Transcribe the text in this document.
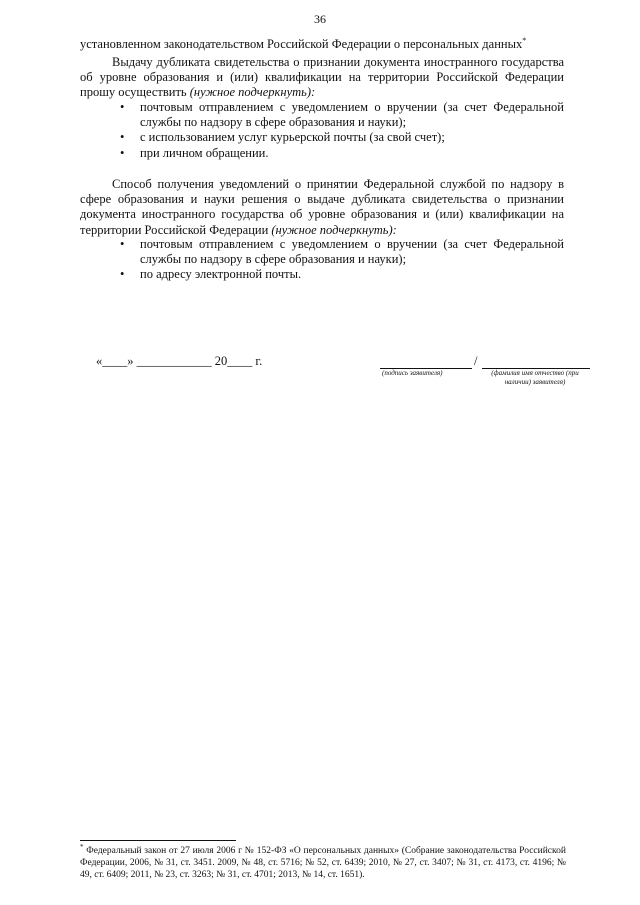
36

установленном законодательством Российской Федерации о персональных данных*

Выдачу дубликата свидетельства о признании документа иностранного государства об уровне образования и (или) квалификации на территории Российской Федерации прошу осуществить (нужное подчеркнуть):

• почтовым отправлением с уведомлением о вручении (за счет Федеральной службы по надзору в сфере образования и науки);
• с использованием услуг курьерской почты (за свой счет);
• при личном обращении.

Способ получения уведомлений о принятии Федеральной службой по надзору в сфере образования и науки решения о выдаче дубликата свидетельства о признании документа иностранного государства об уровне образования и (или) квалификации на территории Российской Федерации (нужное подчеркнуть):

• почтовым отправлением с уведомлением о вручении (за счет Федеральной службы по надзору в сфере образования и науки);
• по адресу электронной почты.
«____» ____________ 20____ г.	/
(подпись заявителя)	(фамилия имя отчество (при наличии) заявителя)

* Федеральный закон от 27 июля 2006 г № 152-ФЗ «О персональных данных» (Собрание законодательства Российской Федерации, 2006, № 31, ст. 3451. 2009, № 48, ст. 5716; № 52, ст. 6439; 2010, № 27, ст. 3407; № 31, ст. 4173, ст. 4196; № 49, ст. 6409; 2011, № 23, ст. 3263; № 31, ст. 4701; 2013, № 14, ст. 1651).
